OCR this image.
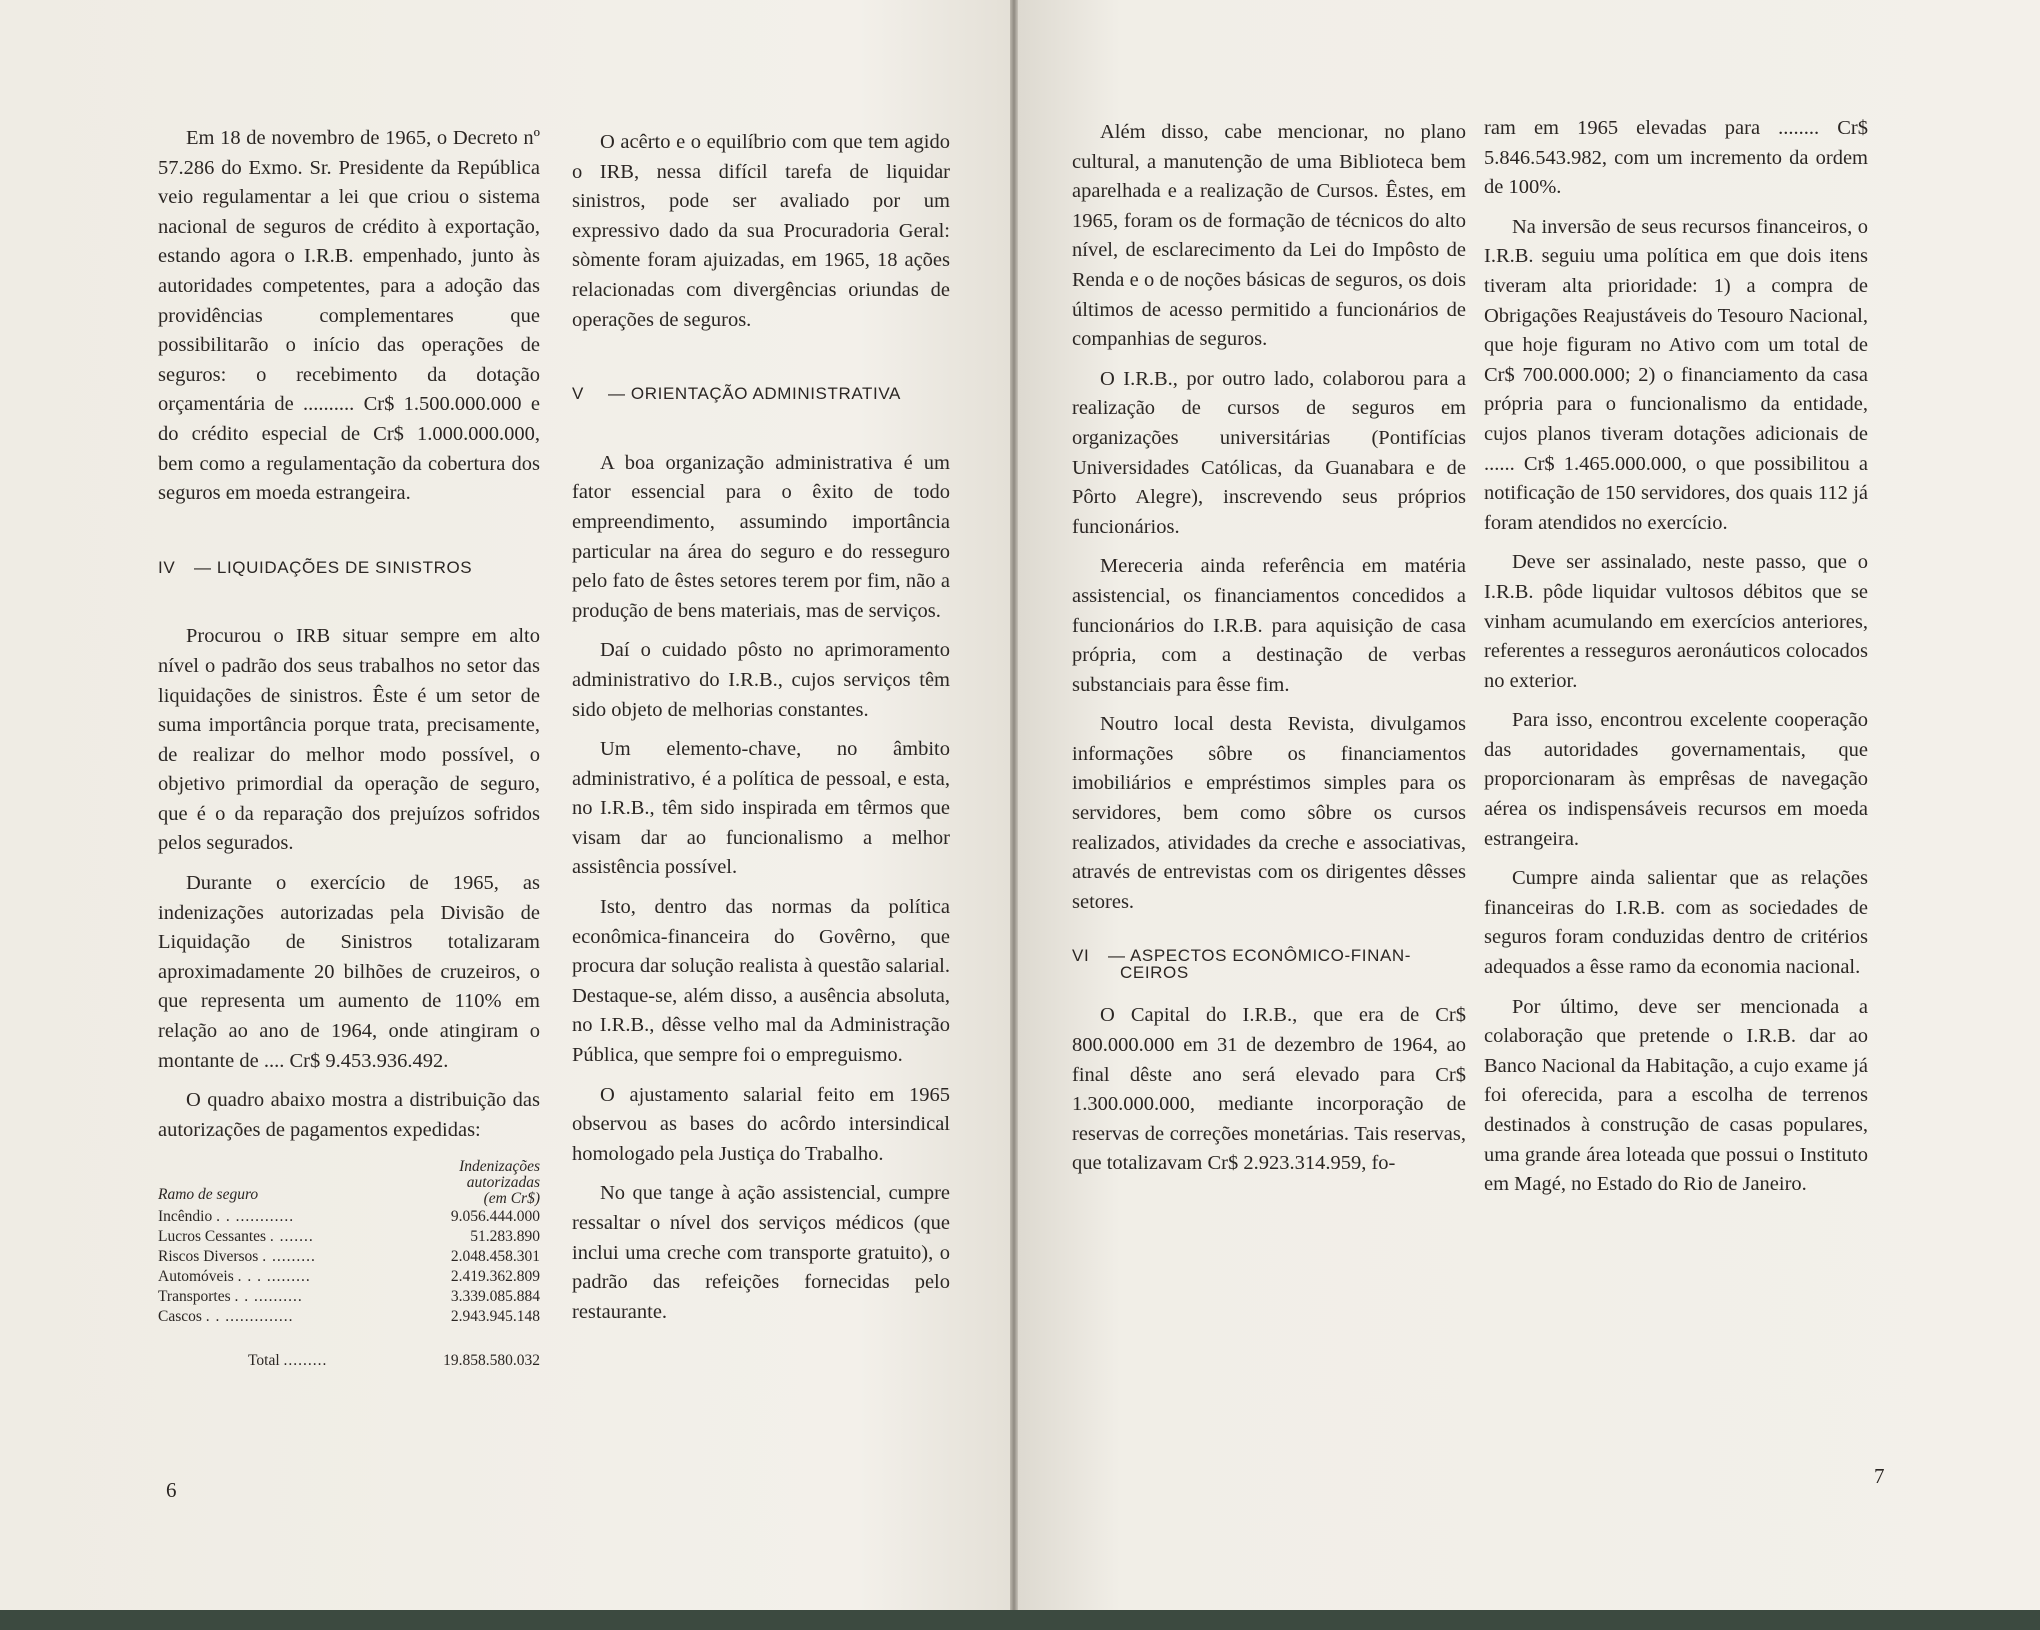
Em 18 de novembro de 1965, o Decreto nº 57.286 do Exmo. Sr. Presidente da República veio regulamentar a lei que criou o sistema nacional de seguros de crédito à exportação, estando agora o I.R.B. empenhado, junto às autoridades competentes, para a adoção das providências complementares que possibilitarão o início das operações de seguros: o recebimento da dotação orçamentária de .......... Cr$ 1.500.000.000 e do crédito especial de Cr$ 1.000.000.000, bem como a regulamentação da cobertura dos seguros em moeda estrangeira.

IV — LIQUIDAÇÕES DE SINISTROS

Procurou o IRB situar sempre em alto nível o padrão dos seus trabalhos no setor das liquidações de sinistros. Êste é um setor de suma importância porque trata, precisamente, de realizar do melhor modo possível, o objetivo primordial da operação de seguro, que é o da reparação dos prejuízos sofridos pelos segurados.

Durante o exercício de 1965, as indenizações autorizadas pela Divisão de Liquidação de Sinistros totalizaram aproximadamente 20 bilhões de cruzeiros, o que representa um aumento de 110% em relação ao ano de 1964, onde atingiram o montante de .... Cr$ 9.453.936.492.

O quadro abaixo mostra a distribuição das autorizações de pagamentos expedidas:

Ramo de seguro	Indenizações
autorizadas
(em Cr$)

Incêndio . . ............	9.056.444.000
Lucros Cessantes . .......	51.283.890
Riscos Diversos . .........	2.048.458.301
Automóveis . . . .........	2.419.362.809
Transportes . . ..........	3.339.085.884
Cascos . . ..............	2.943.945.148
Total .........	19.858.580.032

O acêrto e o equilíbrio com que tem agido o IRB, nessa difícil tarefa de liquidar sinistros, pode ser avaliado por um expressivo dado da sua Procuradoria Geral: sòmente foram ajuizadas, em 1965, 18 ações relacionadas com divergências oriundas de operações de seguros.

V — ORIENTAÇÃO ADMINISTRATIVA

A boa organização administrativa é um fator essencial para o êxito de todo empreendimento, assumindo importância particular na área do seguro e do resseguro pelo fato de êstes setores terem por fim, não a produção de bens materiais, mas de serviços.

Daí o cuidado pôsto no aprimoramento administrativo do I.R.B., cujos serviços têm sido objeto de melhorias constantes.

Um elemento-chave, no âmbito administrativo, é a política de pessoal, e esta, no I.R.B., têm sido inspirada em têrmos que visam dar ao funcionalismo a melhor assistência possível.

Isto, dentro das normas da política econômica-financeira do Govêrno, que procura dar solução realista à questão salarial. Destaque-se, além disso, a ausência absoluta, no I.R.B., dêsse velho mal da Administração Pública, que sempre foi o empreguismo.

O ajustamento salarial feito em 1965 observou as bases do acôrdo intersindical homologado pela Justiça do Trabalho.

No que tange à ação assistencial, cumpre ressaltar o nível dos serviços médicos (que inclui uma creche com transporte gratuito), o padrão das refeições fornecidas pelo restaurante.

6

Além disso, cabe mencionar, no plano cultural, a manutenção de uma Biblioteca bem aparelhada e a realização de Cursos. Êstes, em 1965, foram os de formação de técnicos do alto nível, de esclarecimento da Lei do Impôsto de Renda e o de noções básicas de seguros, os dois últimos de acesso permitido a funcionários de companhias de seguros.

O I.R.B., por outro lado, colaborou para a realização de cursos de seguros em organizações universitárias (Pontifícias Universidades Católicas, da Guanabara e de Pôrto Alegre), inscrevendo seus próprios funcionários.

Mereceria ainda referência em matéria assistencial, os financiamentos concedidos a funcionários do I.R.B. para aquisição de casa própria, com a destinação de verbas substanciais para êsse fim.

Noutro local desta Revista, divulgamos informações sôbre os financiamentos imobiliários e empréstimos simples para os servidores, bem como sôbre os cursos realizados, atividades da creche e associativas, através de entrevistas com os dirigentes dêsses setores.

VI — ASPECTOS ECONÔMICO-FINAN-
CEIROS

O Capital do I.R.B., que era de Cr$ 800.000.000 em 31 de dezembro de 1964, ao final dêste ano será elevado para Cr$ 1.300.000.000, mediante incorporação de reservas de correções monetárias. Tais reservas, que totalizavam Cr$ 2.923.314.959, fo-

ram em 1965 elevadas para ........ Cr$ 5.846.543.982, com um incremento da ordem de 100%.

Na inversão de seus recursos financeiros, o I.R.B. seguiu uma política em que dois itens tiveram alta prioridade: 1) a compra de Obrigações Reajustáveis do Tesouro Nacional, que hoje figuram no Ativo com um total de Cr$ 700.000.000; 2) o financiamento da casa própria para o funcionalismo da entidade, cujos planos tiveram dotações adicionais de ...... Cr$ 1.465.000.000, o que possibilitou a notificação de 150 servidores, dos quais 112 já foram atendidos no exercício.

Deve ser assinalado, neste passo, que o I.R.B. pôde liquidar vultosos débitos que se vinham acumulando em exercícios anteriores, referentes a resseguros aeronáuticos colocados no exterior.

Para isso, encontrou excelente cooperação das autoridades governamentais, que proporcionaram às emprêsas de navegação aérea os indispensáveis recursos em moeda estrangeira.

Cumpre ainda salientar que as relações financeiras do I.R.B. com as sociedades de seguros foram conduzidas dentro de critérios adequados a êsse ramo da economia nacional.

Por último, deve ser mencionada a colaboração que pretende o I.R.B. dar ao Banco Nacional da Habitação, a cujo exame já foi oferecida, para a escolha de terrenos destinados à construção de casas populares, uma grande área loteada que possui o Instituto em Magé, no Estado do Rio de Janeiro.

7
